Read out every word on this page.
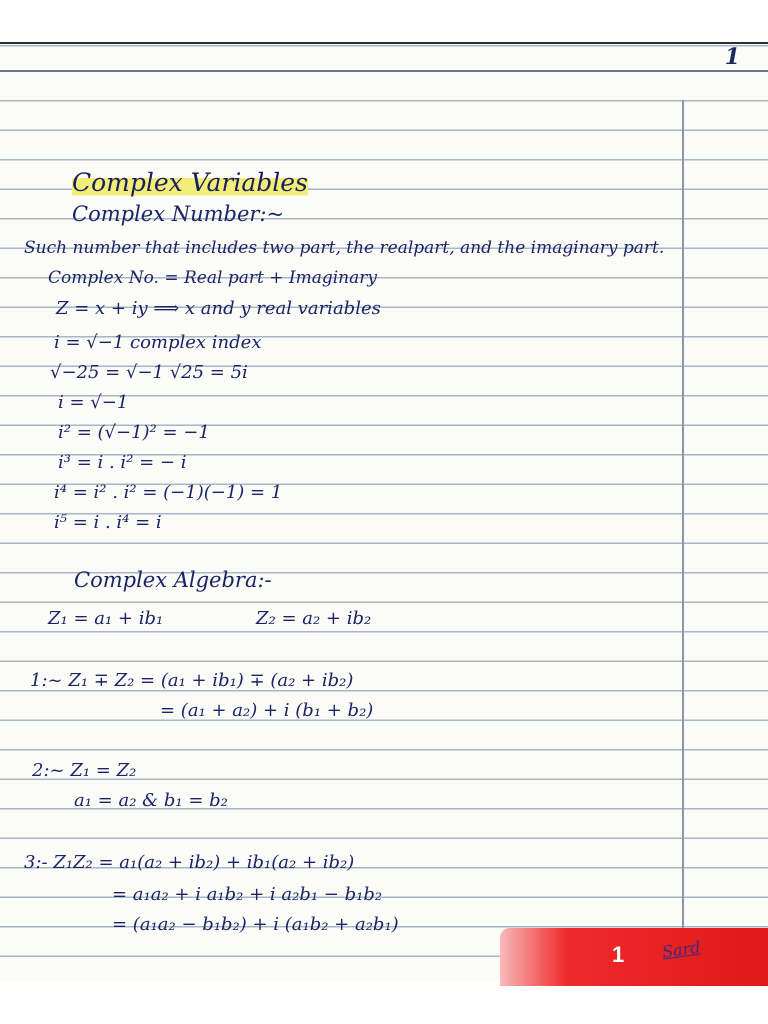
1

Complex Variables

Complex Number:~

Such number that includes two part, the realpart, and the imaginary part.

Complex No. = Real part + Imaginary

Z = x + iy ⟹ x and y real variables

i = √−1 complex index

√−25 = √−1 √25 = 5i

i = √−1

i² = (√−1)² = −1

i³ = i . i² = − i

i⁴ = i² . i² = (−1)(−1) = 1

i⁵ = i . i⁴ = i

Complex Algebra:-

Z₁ = a₁ + ib₁	Z₂ = a₂ + ib₂

1:~ Z₁ ∓ Z₂ = (a₁ + ib₁) ∓ (a₂ + ib₂)

= (a₁ + a₂) + i (b₁ + b₂)

2:~ Z₁ = Z₂

a₁ = a₂ & b₁ = b₂

3:- Z₁Z₂ = a₁(a₂ + ib₂) + ib₁(a₂ + ib₂)

= a₁a₂ + i a₁b₂ + i a₂b₁ − b₁b₂

= (a₁a₂ − b₁b₂) + i (a₁b₂ + a₂b₁)

1 Sard
